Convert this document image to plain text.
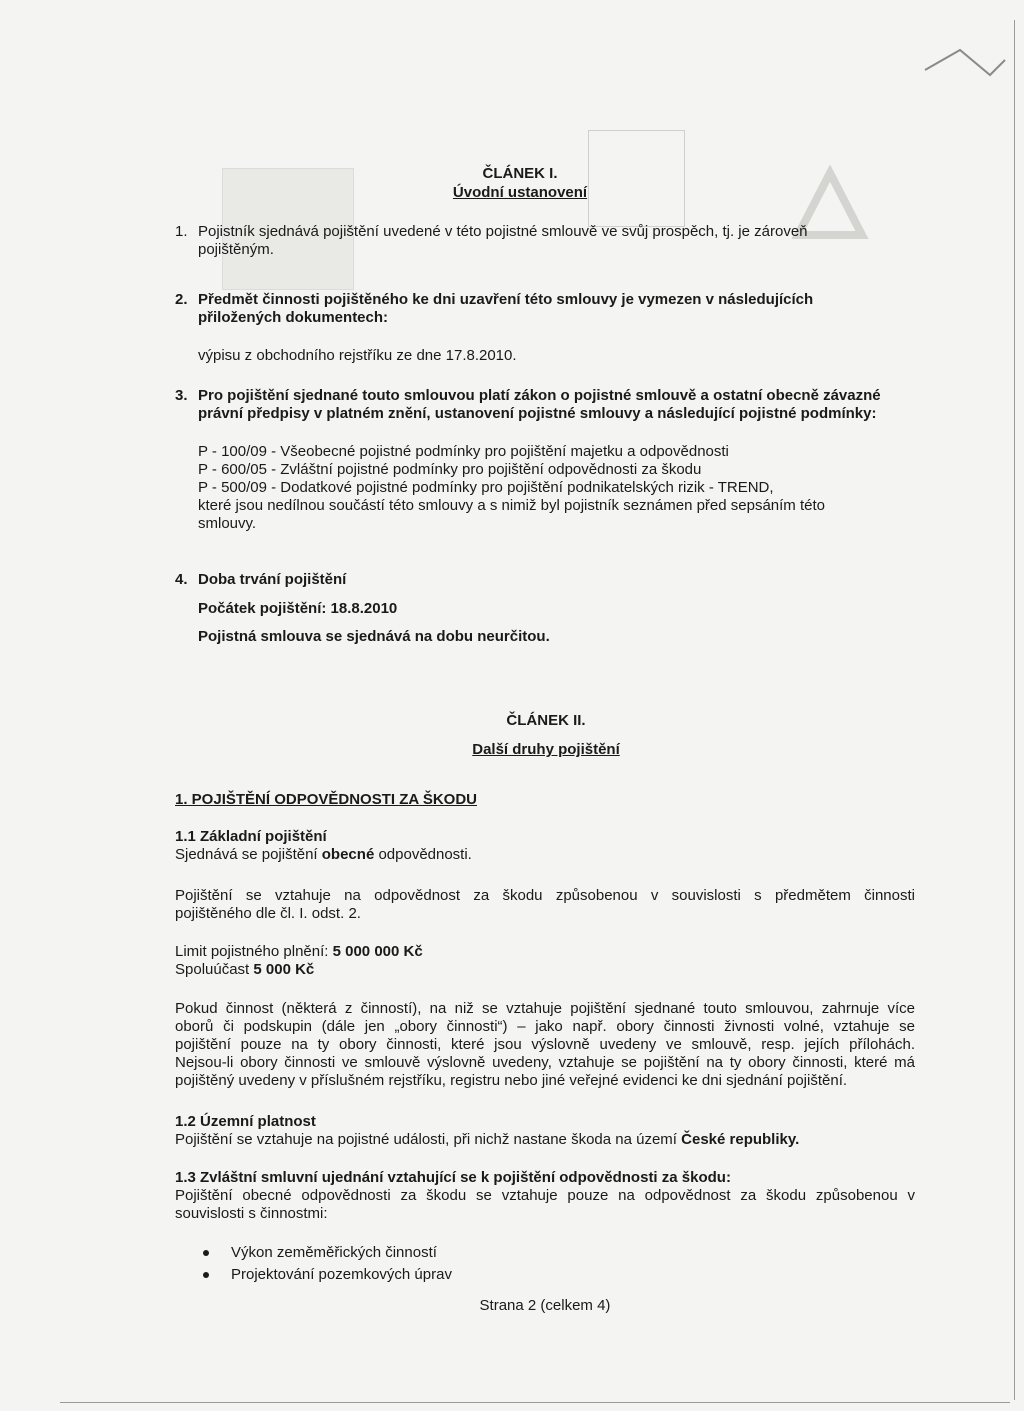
ČLÁNEK I.
Úvodní ustanovení
1. Pojistník sjednává pojištění uvedené v této pojistné smlouvě ve svůj prospěch, tj. je zároveň
pojištěným.
2. Předmět činnosti pojištěného ke dni uzavření této smlouvy je vymezen v následujících
přiložených dokumentech:
výpisu z obchodního rejstříku ze dne 17.8.2010.
3. Pro pojištění sjednané touto smlouvou platí zákon o pojistné smlouvě a ostatní obecně závazné
právní předpisy v platném znění, ustanovení pojistné smlouvy a následující pojistné podmínky:
P - 100/09 - Všeobecné pojistné podmínky pro pojištění majetku a odpovědnosti
P - 600/05 - Zvláštní pojistné podmínky pro pojištění odpovědnosti za škodu
P - 500/09 - Dodatkové pojistné podmínky pro pojištění podnikatelských rizik - TREND,
které jsou nedílnou součástí této smlouvy a s nimiž byl pojistník seznámen před sepsáním této
smlouvy.
4. Doba trvání pojištění
Počátek pojištění: 18.8.2010
Pojistná smlouva se sjednává na dobu neurčitou.
ČLÁNEK II.
Další druhy pojištění
1. POJIŠTĚNÍ ODPOVĚDNOSTI ZA ŠKODU
1.1 Základní pojištění
Sjednává se pojištění obecné odpovědnosti.
Pojištění se vztahuje na odpovědnost za škodu způsobenou v souvislosti s předmětem činnosti
pojištěného dle čl. I. odst. 2.
Limit pojistného plnění: 5 000 000 Kč
Spoluúčast 5 000 Kč
Pokud činnost (některá z činností), na niž se vztahuje pojištění sjednané touto smlouvou, zahrnuje více
oborů či podskupin (dále jen „obory činnosti“) – jako např. obory činnosti živnosti volné, vztahuje se
pojištění pouze na ty obory činnosti, které jsou výslovně uvedeny ve smlouvě, resp. jejích přílohách.
Nejsou-li obory činnosti ve smlouvě výslovně uvedeny, vztahuje se pojištění na ty obory činnosti, které má
pojištěný uvedeny v příslušném rejstříku, registru nebo jiné veřejné evidenci ke dni sjednání pojištění.
1.2 Územní platnost
Pojištění se vztahuje na pojistné události, při nichž nastane škoda na území České republiky.
1.3 Zvláštní smluvní ujednání vztahující se k pojištění odpovědnosti za škodu:
Pojištění obecné odpovědnosti za škodu se vztahuje pouze na odpovědnost za škodu způsobenou v
souvislosti s činnostmi:
Výkon zeměměřických činností
Projektování pozemkových úprav
Strana 2 (celkem 4)
